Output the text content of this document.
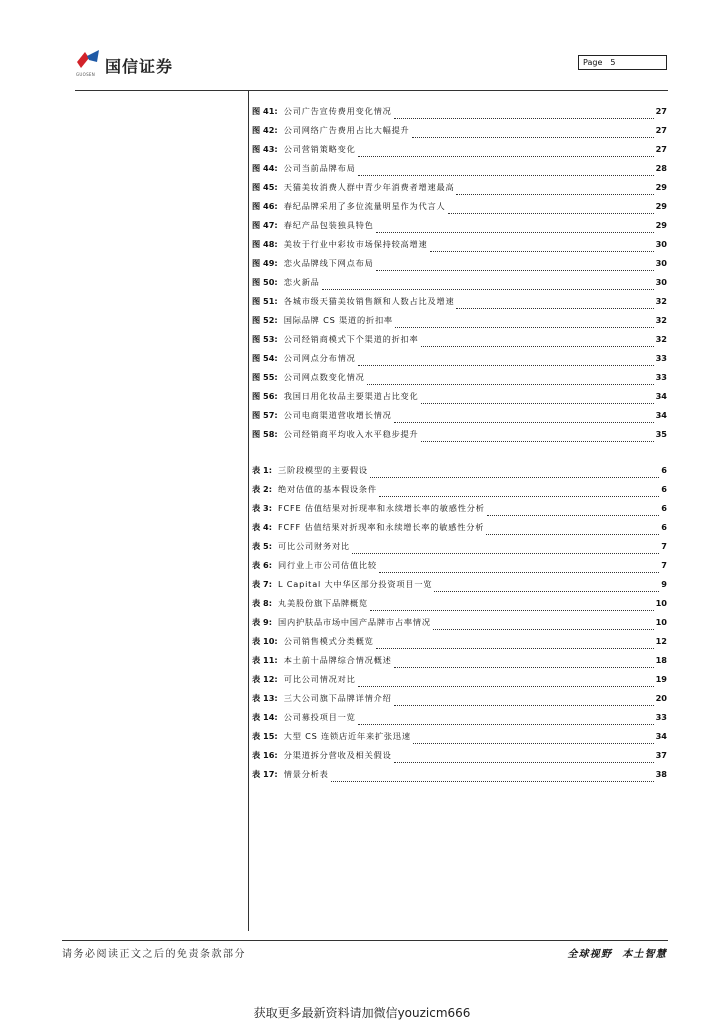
国信证券
GUOSEN
Page 5
图 41: 公司广告宣传费用变化情况	27
图 42: 公司网络广告费用占比大幅提升	27
图 43: 公司营销策略变化	27
图 44: 公司当前品牌布局	28
图 45: 天猫美妆消费人群中青少年消费者增速最高	29
图 46: 春纪品牌采用了多位流量明星作为代言人	29
图 47: 春纪产品包装独具特色	29
图 48: 美妆于行业中彩妆市场保持较高增速	30
图 49: 恋火品牌线下网点布局	30
图 50: 恋火新品	30
图 51: 各城市级天猫美妆销售额和人数占比及增速	32
图 52: 国际品牌 CS 渠道的折扣率	32
图 53: 公司经销商模式下个渠道的折扣率	32
图 54: 公司网点分布情况	33
图 55: 公司网点数变化情况	33
图 56: 我国日用化妆品主要渠道占比变化	34
图 57: 公司电商渠道营收增长情况	34
图 58: 公司经销商平均收入水平稳步提升	35
表 1: 三阶段模型的主要假设	6
表 2: 绝对估值的基本假设条件	6
表 3: FCFE 估值结果对折现率和永续增长率的敏感性分析	6
表 4: FCFF 估值结果对折现率和永续增长率的敏感性分析	6
表 5: 可比公司财务对比	7
表 6: 同行业上市公司估值比较	7
表 7: L Capital 大中华区部分投资项目一览	9
表 8: 丸美股份旗下品牌概览	10
表 9: 国内护肤品市场中国产品牌市占率情况	10
表 10: 公司销售模式分类概览	12
表 11: 本土前十品牌综合情况概述	18
表 12: 可比公司情况对比	19
表 13: 三大公司旗下品牌详情介绍	20
表 14: 公司募投项目一览	33
表 15: 大型 CS 连锁店近年来扩张迅速	34
表 16: 分渠道拆分营收及相关假设	37
表 17: 情景分析表	38
请务必阅读正文之后的免责条款部分	全球视野 本土智慧
获取更多最新资料请加微信youzicm666
